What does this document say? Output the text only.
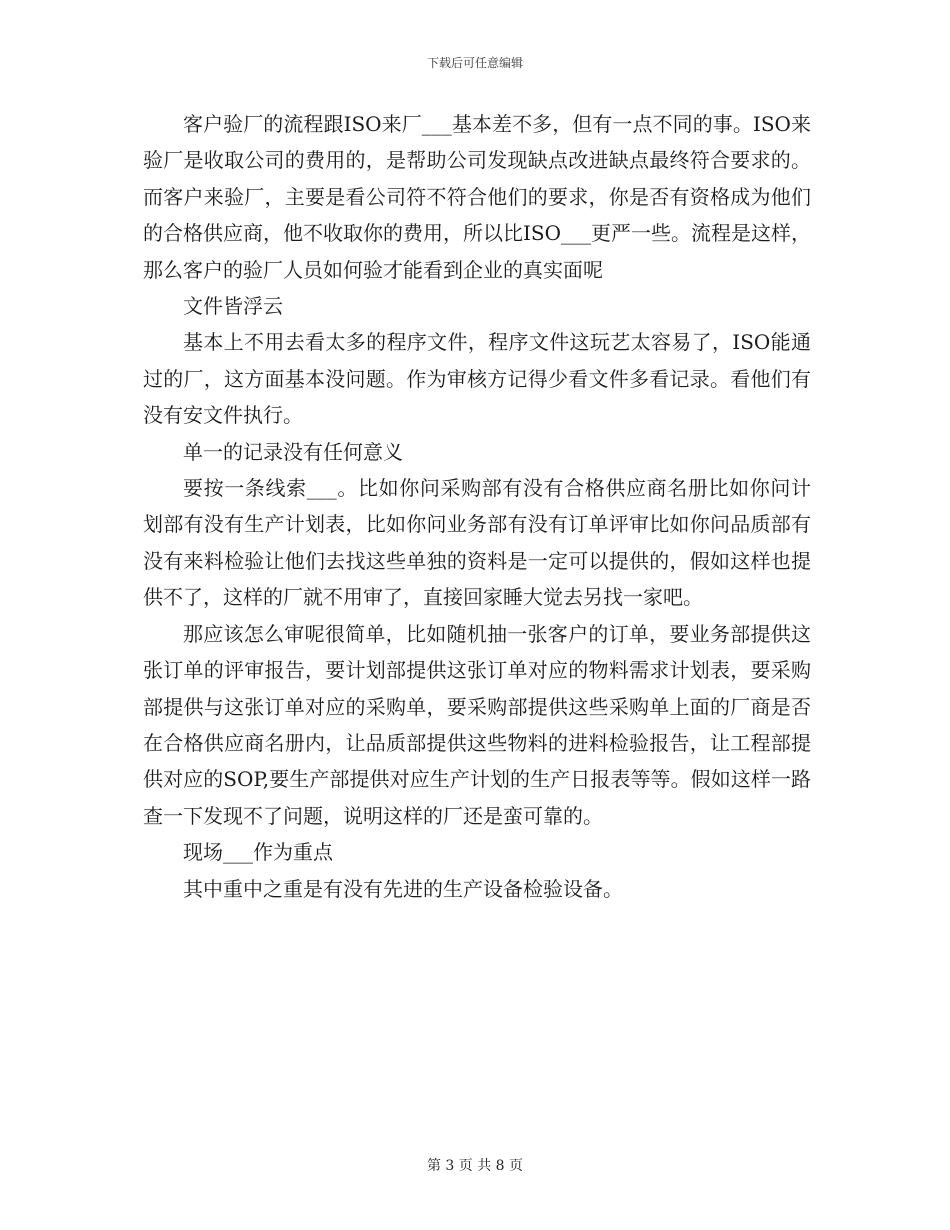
下载后可任意编辑

客户验厂的流程跟ISO来厂___基本差不多，但有一点不同的事。ISO来验厂是收取公司的费用的，是帮助公司发现缺点改进缺点最终符合要求的。而客户来验厂，主要是看公司符不符合他们的要求，你是否有资格成为他们的合格供应商，他不收取你的费用，所以比ISO___更严一些。流程是这样，那么客户的验厂人员如何验才能看到企业的真实面呢

文件皆浮云

基本上不用去看太多的程序文件，程序文件这玩艺太容易了，ISO能通过的厂，这方面基本没问题。作为审核方记得少看文件多看记录。看他们有没有安文件执行。

单一的记录没有任何意义

要按一条线索___。比如你问采购部有没有合格供应商名册比如你问计划部有没有生产计划表，比如你问业务部有没有订单评审比如你问品质部有没有来料检验让他们去找这些单独的资料是一定可以提供的，假如这样也提供不了，这样的厂就不用审了，直接回家睡大觉去另找一家吧。

那应该怎么审呢很简单，比如随机抽一张客户的订单，要业务部提供这张订单的评审报告，要计划部提供这张订单对应的物料需求计划表，要采购部提供与这张订单对应的采购单，要采购部提供这些采购单上面的厂商是否在合格供应商名册内，让品质部提供这些物料的进料检验报告，让工程部提供对应的SOP,要生产部提供对应生产计划的生产日报表等等。假如这样一路查一下发现不了问题，说明这样的厂还是蛮可靠的。

现场___作为重点

其中重中之重是有没有先进的生产设备检验设备。

第 3 页 共 8 页
